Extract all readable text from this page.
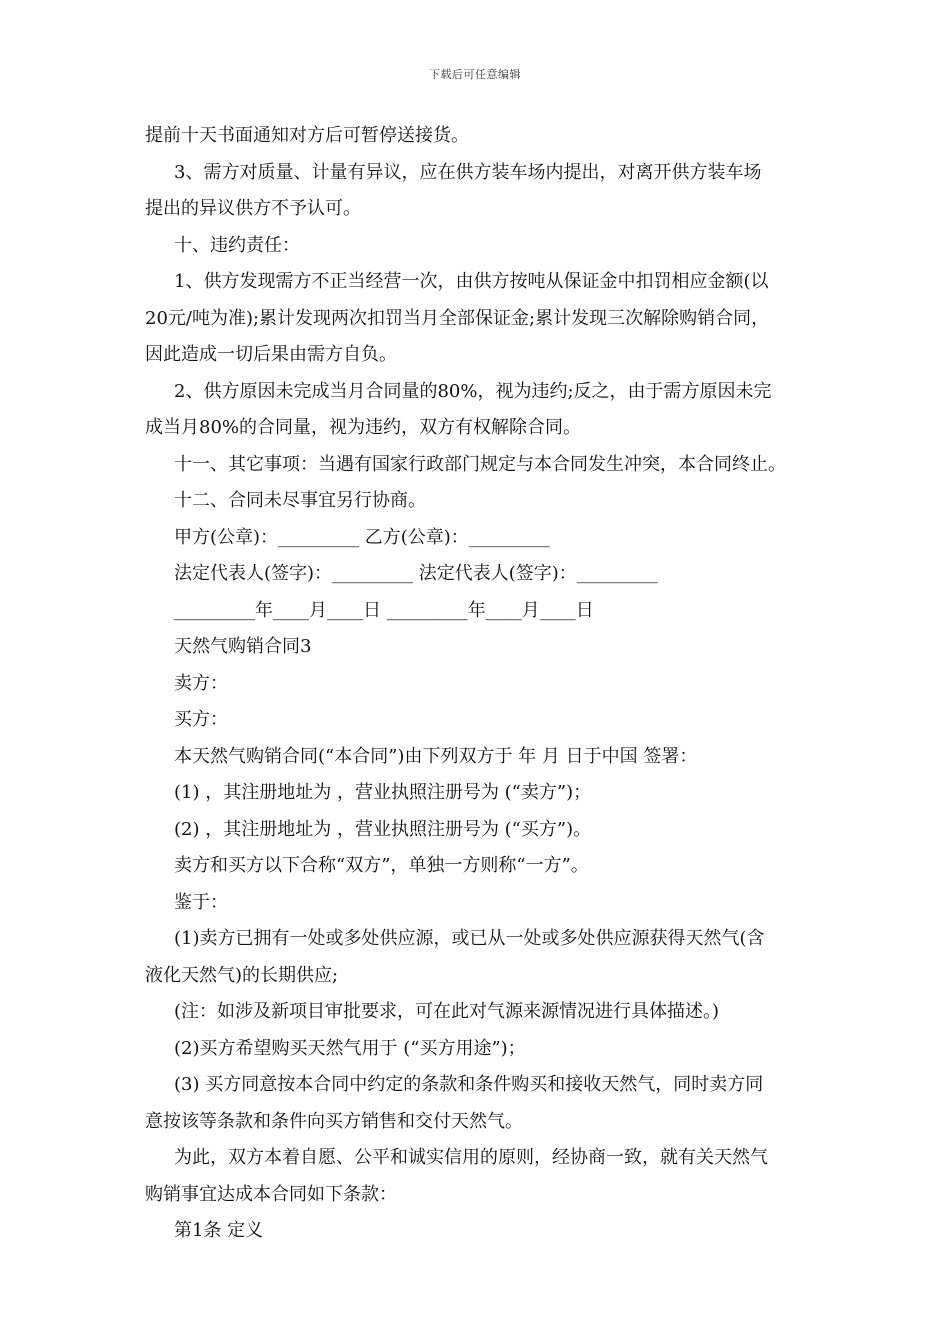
下载后可任意编辑
提前十天书面通知对方后可暂停送接货。
3、需方对质量、计量有异议，应在供方装车场内提出，对离开供方装车场
提出的异议供方不予认可。
十、违约责任：
1、供方发现需方不正当经营一次，由供方按吨从保证金中扣罚相应金额(以
20元/吨为准);累计发现两次扣罚当月全部保证金;累计发现三次解除购销合同，
因此造成一切后果由需方自负。
2、供方原因未完成当月合同量的80%，视为违约;反之，由于需方原因未完
成当月80%的合同量，视为违约，双方有权解除合同。
十一、其它事项：当遇有国家行政部门规定与本合同发生冲突，本合同终止。
十二、合同未尽事宜另行协商。
甲方(公章)：_________ 乙方(公章)：_________
法定代表人(签字)：_________ 法定代表人(签字)：_________
_________年____月____日 _________年____月____日
天然气购销合同3
卖方：
买方：
本天然气购销合同(“本合同”)由下列双方于 年 月 日于中国 签署：
(1) ，其注册地址为 ，营业执照注册号为 (“卖方”)；
(2) ，其注册地址为 ，营业执照注册号为 (“买方”)。
卖方和买方以下合称“双方”，单独一方则称“一方”。
鉴于：
(1)卖方已拥有一处或多处供应源，或已从一处或多处供应源获得天然气(含
液化天然气)的长期供应;
(注：如涉及新项目审批要求，可在此对气源来源情况进行具体描述。)
(2)买方希望购买天然气用于 (“买方用途”)；
(3) 买方同意按本合同中约定的条款和条件购买和接收天然气，同时卖方同
意按该等条款和条件向买方销售和交付天然气。
为此，双方本着自愿、公平和诚实信用的原则，经协商一致，就有关天然气
购销事宜达成本合同如下条款：
第1条 定义
